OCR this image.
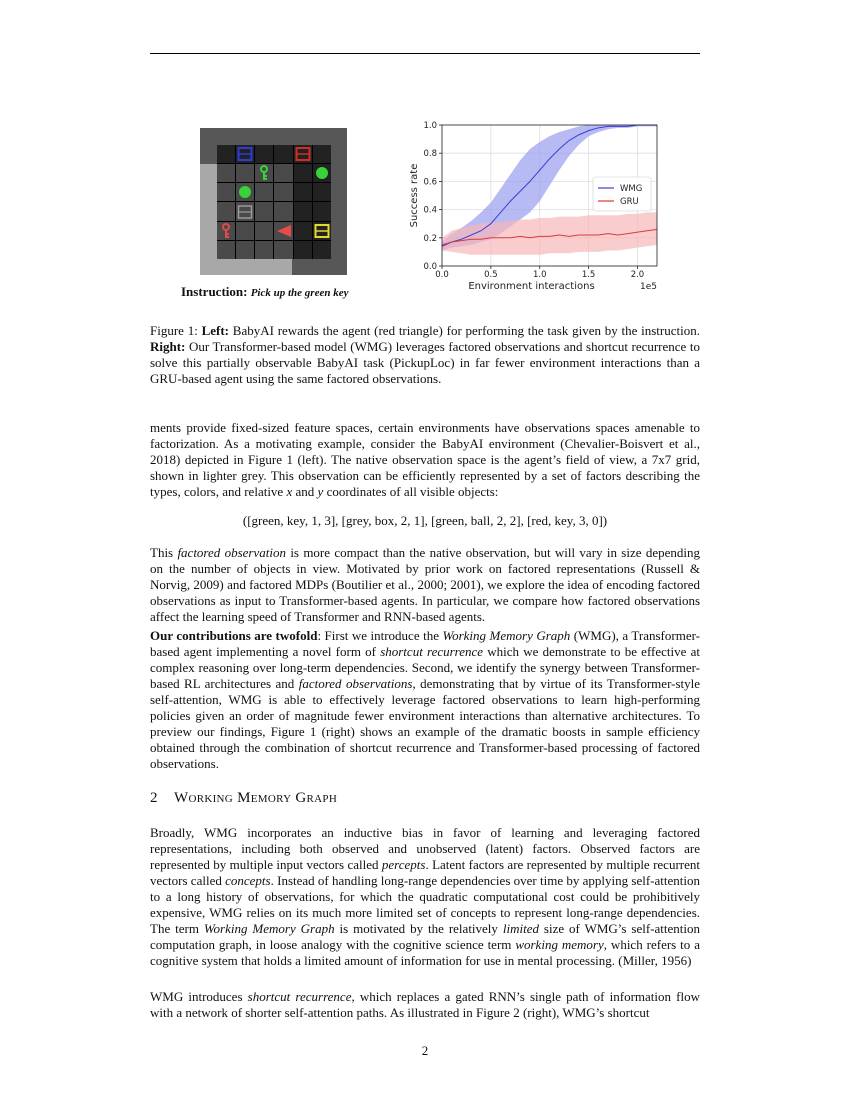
Instruction: Pick up the green key
0.0	0.5	1.0	1.5	2.0
0.0
0.2
0.4
0.6
0.8
1.0
Environment interactions	1e5
Success rate	WMG
GRU
Figure 1: Left: BabyAI rewards the agent (red triangle) for performing the task given by the instruction. Right: Our Transformer-based model (WMG) leverages factored observations and shortcut recurrence to solve this partially observable BabyAI task (PickupLoc) in far fewer environment interactions than a GRU-based agent using the same factored observations.
ments provide fixed-sized feature spaces, certain environments have observations spaces amenable to factorization. As a motivating example, consider the BabyAI environment (Chevalier-Boisvert et al., 2018) depicted in Figure 1 (left). The native observation space is the agent’s field of view, a 7x7 grid, shown in lighter grey. This observation can be efficiently represented by a set of factors describing the types, colors, and relative x and y coordinates of all visible objects:
([green, key, 1, 3], [grey, box, 2, 1], [green, ball, 2, 2], [red, key, 3, 0])
This factored observation is more compact than the native observation, but will vary in size depending on the number of objects in view. Motivated by prior work on factored representations (Russell & Norvig, 2009) and factored MDPs (Boutilier et al., 2000; 2001), we explore the idea of encoding factored observations as input to Transformer-based agents. In particular, we compare how factored observations affect the learning speed of Transformer and RNN-based agents.
Our contributions are twofold: First we introduce the Working Memory Graph (WMG), a Transformer-based agent implementing a novel form of shortcut recurrence which we demonstrate to be effective at complex reasoning over long-term dependencies. Second, we identify the synergy between Transformer-based RL architectures and factored observations, demonstrating that by virtue of its Transformer-style self-attention, WMG is able to effectively leverage factored observations to learn high-performing policies given an order of magnitude fewer environment interactions than alternative architectures. To preview our findings, Figure 1 (right) shows an example of the dramatic boosts in sample efficiency obtained through the combination of shortcut recurrence and Transformer-based processing of factored observations.
2 Working Memory Graph
Broadly, WMG incorporates an inductive bias in favor of learning and leveraging factored representations, including both observed and unobserved (latent) factors. Observed factors are represented by multiple input vectors called percepts. Latent factors are represented by multiple recurrent vectors called concepts. Instead of handling long-range dependencies over time by applying self-attention to a long history of observations, for which the quadratic computational cost could be prohibitively expensive, WMG relies on its much more limited set of concepts to represent long-range dependencies. The term Working Memory Graph is motivated by the relatively limited size of WMG’s self-attention computation graph, in loose analogy with the cognitive science term working memory, which refers to a cognitive system that holds a limited amount of information for use in mental processing. (Miller, 1956)
WMG introduces shortcut recurrence, which replaces a gated RNN’s single path of information flow with a network of shorter self-attention paths. As illustrated in Figure 2 (right), WMG’s shortcut
2
